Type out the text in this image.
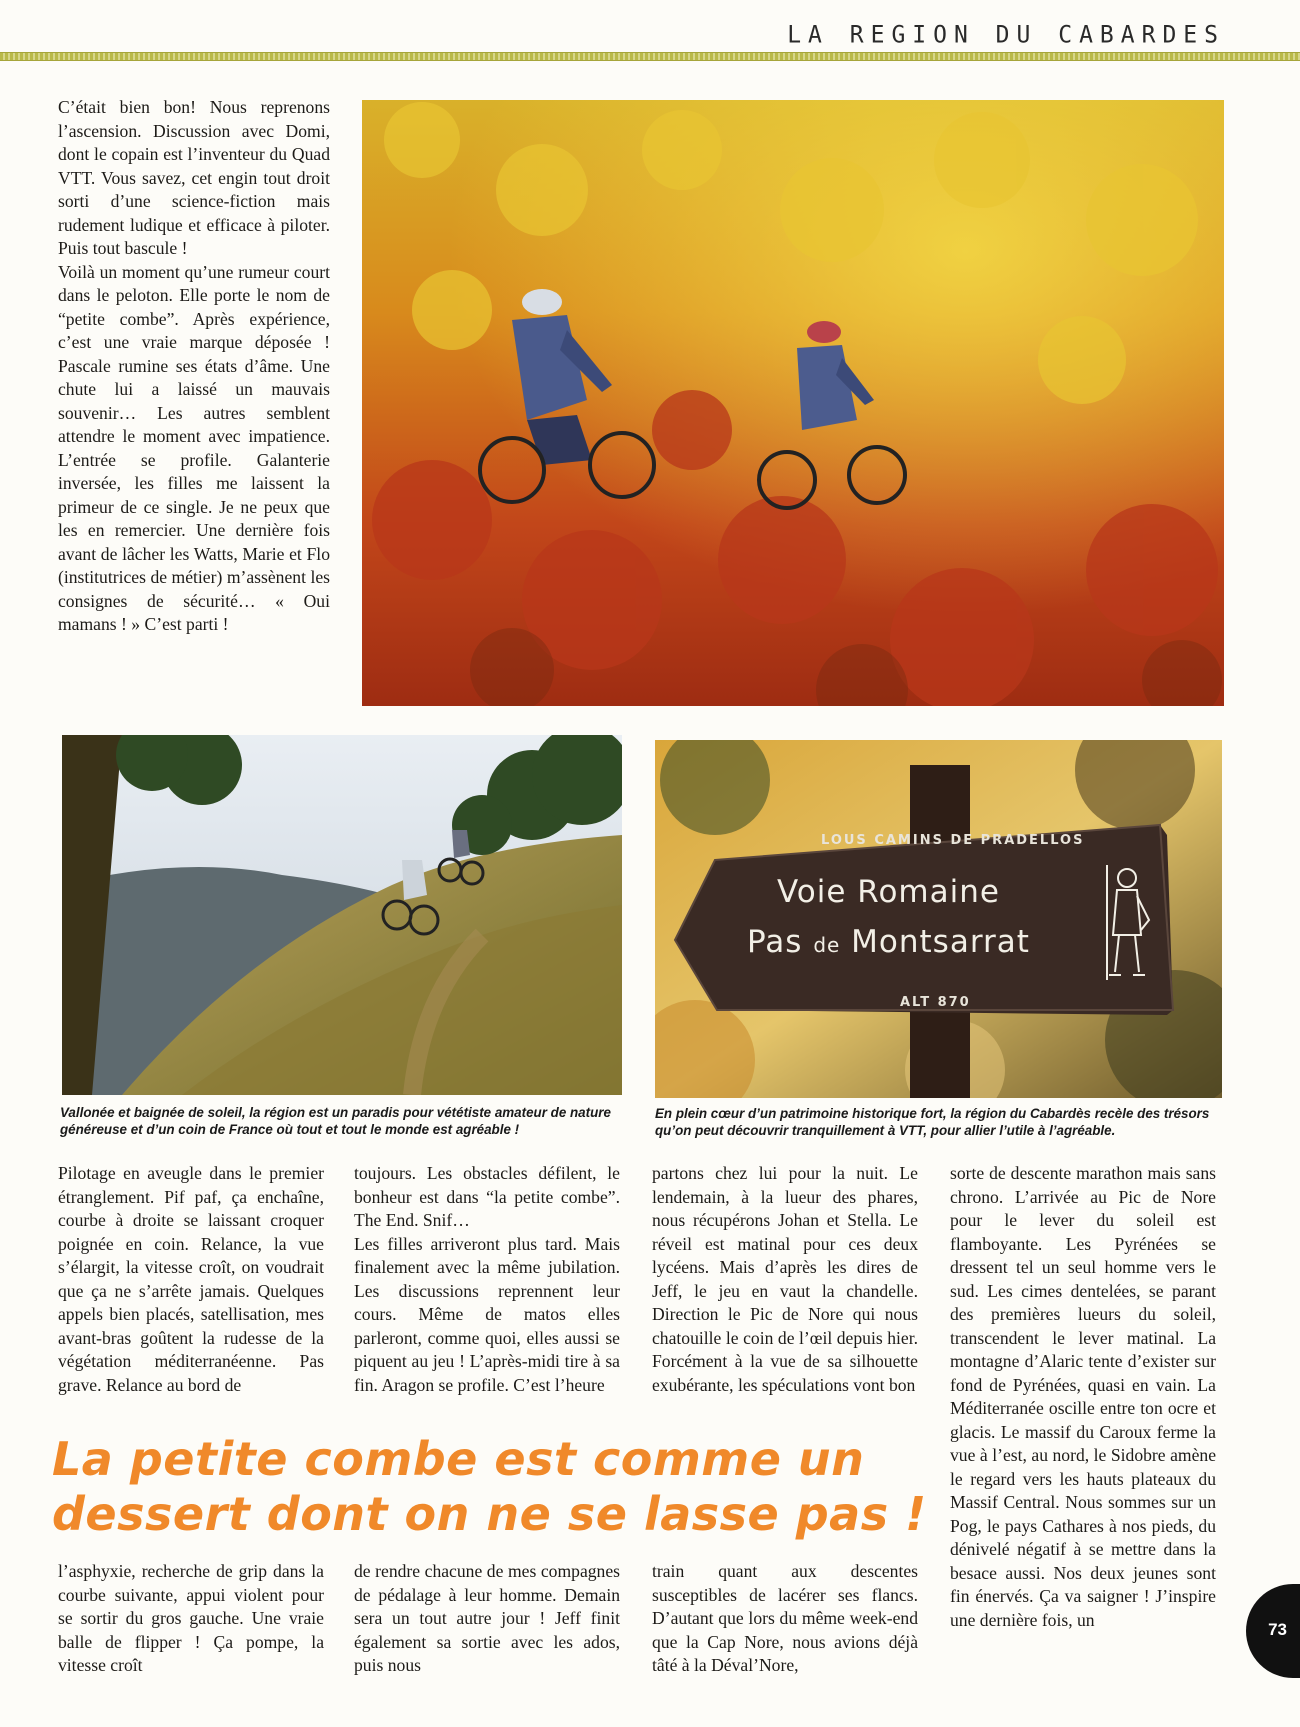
LA REGION DU CABARDES

C’était bien bon! Nous reprenons l’ascension. Discussion avec Domi, dont le copain est l’inventeur du Quad VTT. Vous savez, cet engin tout droit sorti d’une science-fiction mais rudement ludique et efficace à piloter. Puis tout bascule !

Voilà un moment qu’une rumeur court dans le peloton. Elle porte le nom de “petite combe”. Après expérience, c’est une vraie marque déposée ! Pascale rumine ses états d’âme. Une chute lui a laissé un mauvais souvenir… Les autres semblent attendre le moment avec impatience. L’entrée se profile. Galanterie inversée, les filles me laissent la primeur de ce single. Je ne peux que les en remercier. Une dernière fois avant de lâcher les Watts, Marie et Flo (institutrices de métier) m’assènent les consignes de sécurité… « Oui mamans ! » C’est parti !

Vallonée et baignée de soleil, la région est un paradis pour vététiste amateur de nature généreuse et d’un coin de France où tout et tout le monde est agréable !
LOUS CAMINS DE PRADELLOS
Voie Romaine
Pas de Montsarrat
ALT 870
En plein cœur d’un patrimoine historique fort, la région du Cabardès recèle des trésors qu’on peut découvrir tranquillement à VTT, pour allier l’utile à l’agréable.

Pilotage en aveugle dans le premier étranglement. Pif paf, ça enchaîne, courbe à droite se laissant croquer poignée en coin. Relance, la vue s’élargit, la vitesse croît, on voudrait que ça ne s’arrête jamais. Quelques appels bien placés, satellisation, mes avant-bras goûtent la rudesse de la végétation méditerranéenne. Pas grave. Relance au bord de

toujours. Les obstacles défilent, le bonheur est dans “la petite combe”. The End. Snif…

Les filles arriveront plus tard. Mais finalement avec la même jubilation. Les discussions reprennent leur cours. Même de matos elles parleront, comme quoi, elles aussi se piquent au jeu ! L’après-midi tire à sa fin. Aragon se profile. C’est l’heure

partons chez lui pour la nuit. Le lendemain, à la lueur des phares, nous récupérons Johan et Stella. Le réveil est matinal pour ces deux lycéens. Mais d’après les dires de Jeff, le jeu en vaut la chandelle. Direction le Pic de Nore qui nous chatouille le coin de l’œil depuis hier. Forcément à la vue de sa silhouette exubérante, les spéculations vont bon

sorte de descente marathon mais sans chrono. L’arrivée au Pic de Nore pour le lever du soleil est flamboyante. Les Pyrénées se dressent tel un seul homme vers le sud. Les cimes dentelées, se parant des premières lueurs du soleil, transcendent le lever matinal. La montagne d’Alaric tente d’exister sur fond de Pyrénées, quasi en vain. La Méditerranée oscille entre ton ocre et glacis. Le massif du Caroux ferme la vue à l’est, au nord, le Sidobre amène le regard vers les hauts plateaux du Massif Central. Nous sommes sur un Pog, le pays Cathares à nos pieds, du dénivelé négatif à se mettre dans la besace aussi. Nos deux jeunes sont fin énervés. Ça va saigner ! J’inspire une dernière fois, un

La petite combe est comme un dessert dont on ne se lasse pas !

l’asphyxie, recherche de grip dans la courbe suivante, appui violent pour se sortir du gros gauche. Une vraie balle de flipper ! Ça pompe, la vitesse croît

de rendre chacune de mes compagnes de pédalage à leur homme. Demain sera un tout autre jour ! Jeff finit également sa sortie avec les ados, puis nous

train quant aux descentes susceptibles de lacérer ses flancs. D’autant que lors du même week-end que la Cap Nore, nous avions déjà tâté à la Déval’Nore,

73
